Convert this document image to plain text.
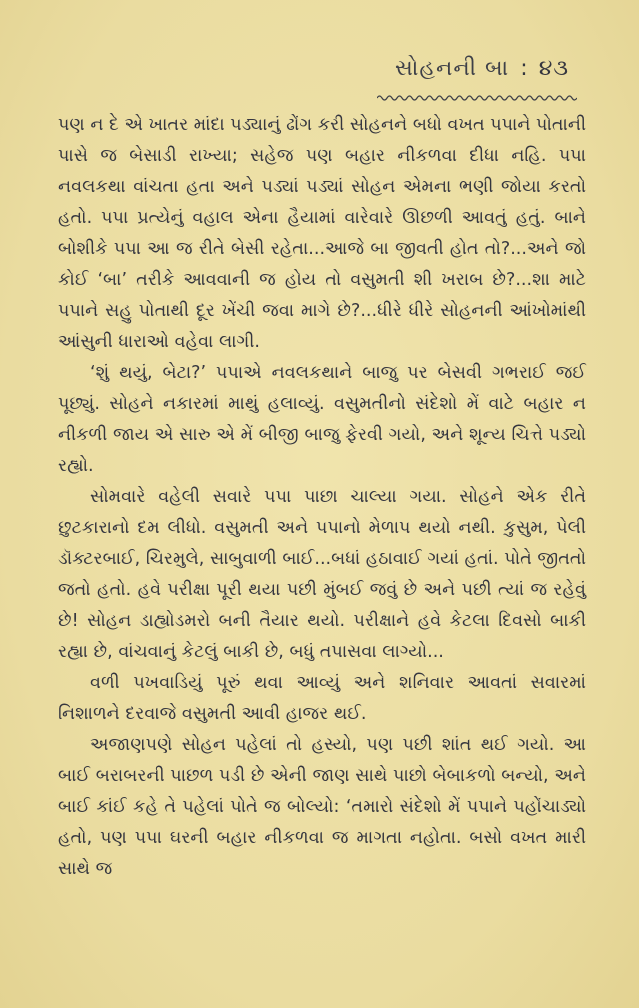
સોહનની બા : ૪૩

પણ ન દે એ ખાતર માંદા પડ્યાનું ઢોંગ કરી સોહનને બધો વખત પપાને પોતાની પાસે જ બેસાડી રાખ્યા; સહેજ પણ બહાર નીકળવા દીધા નહિ. પપા નવલકથા વાંચતા હતા અને પડ્યાં પડ્યાં સોહન એમના ભણી જોયા કરતો હતો. પપા પ્રત્યેનું વહાલ એના હૈયામાં વારેવારે ઊછળી આવતું હતું. બાને બોશીકે પપા આ જ રીતે બેસી રહેતા...આજે બા જીવતી હોત તો?...અને જો કોઈ ‘બા’ તરીકે આવવાની જ હોય તો વસુમતી શી ખરાબ છે?...શા માટે પપાને સહુ પોતાથી દૂર ખેંચી જવા માગે છે?...ધીરે ધીરે સોહનની આંખોમાંથી આંસુની ધારાઓ વહેવા લાગી.

‘શું થયું, બેટા?’ પપાએ નવલકથાને બાજુ પર બેસવી ગભરાઈ જઈ પૂછ્યું. સોહને નકારમાં માથું હલાવ્યું. વસુમતીનો સંદેશો મેં વાટે બહાર ન નીકળી જાય એ સારુ એ મેં બીજી બાજુ ફેરવી ગયો, અને શૂન્ય ચિત્તે પડ્યો રહ્યો.

સોમવારે વહેલી સવારે પપા પાછા ચાલ્યા ગયા. સોહને એક રીતે છુટકારાનો દમ લીધો. વસુમતી અને પપાનો મેળાપ થયો નથી. કુસુમ, પેલી ડૉક્ટરબાઈ, ચિરમુલે, સાબુવાળી બાઈ...બધાં હઠાવાઈ ગયાં હતાં. પોતે જીતતો જતો હતો. હવે પરીક્ષા પૂરી થયા પછી મુંબઈ જવું છે અને પછી ત્યાં જ રહેવું છે! સોહન ડાહ્યોડમરો બની તૈયાર થયો. પરીક્ષાને હવે કેટલા દિવસો બાકી રહ્યા છે, વાંચવાનું કેટલું બાકી છે, બધું તપાસવા લાગ્યો...

વળી પખવાડિયું પૂરું થવા આવ્યું અને શનિવાર આવતાં સવારમાં નિશાળને દરવાજે વસુમતી આવી હાજર થઈ.

અજાણપણે સોહન પહેલાં તો હસ્યો, પણ પછી શાંત થઈ ગયો. આ બાઈ બરાબરની પાછળ પડી છે એની જાણ સાથે પાછો બેબાકળો બન્યો, અને બાઈ કાંઈ કહે તે પહેલાં પોતે જ બોલ્યો: ‘તમારો સંદેશો મેં પપાને પહોંચાડ્યો હતો, પણ પપા ઘરની બહાર નીકળવા જ માગતા નહોતા. બસો વખત મારી સાથે જ
